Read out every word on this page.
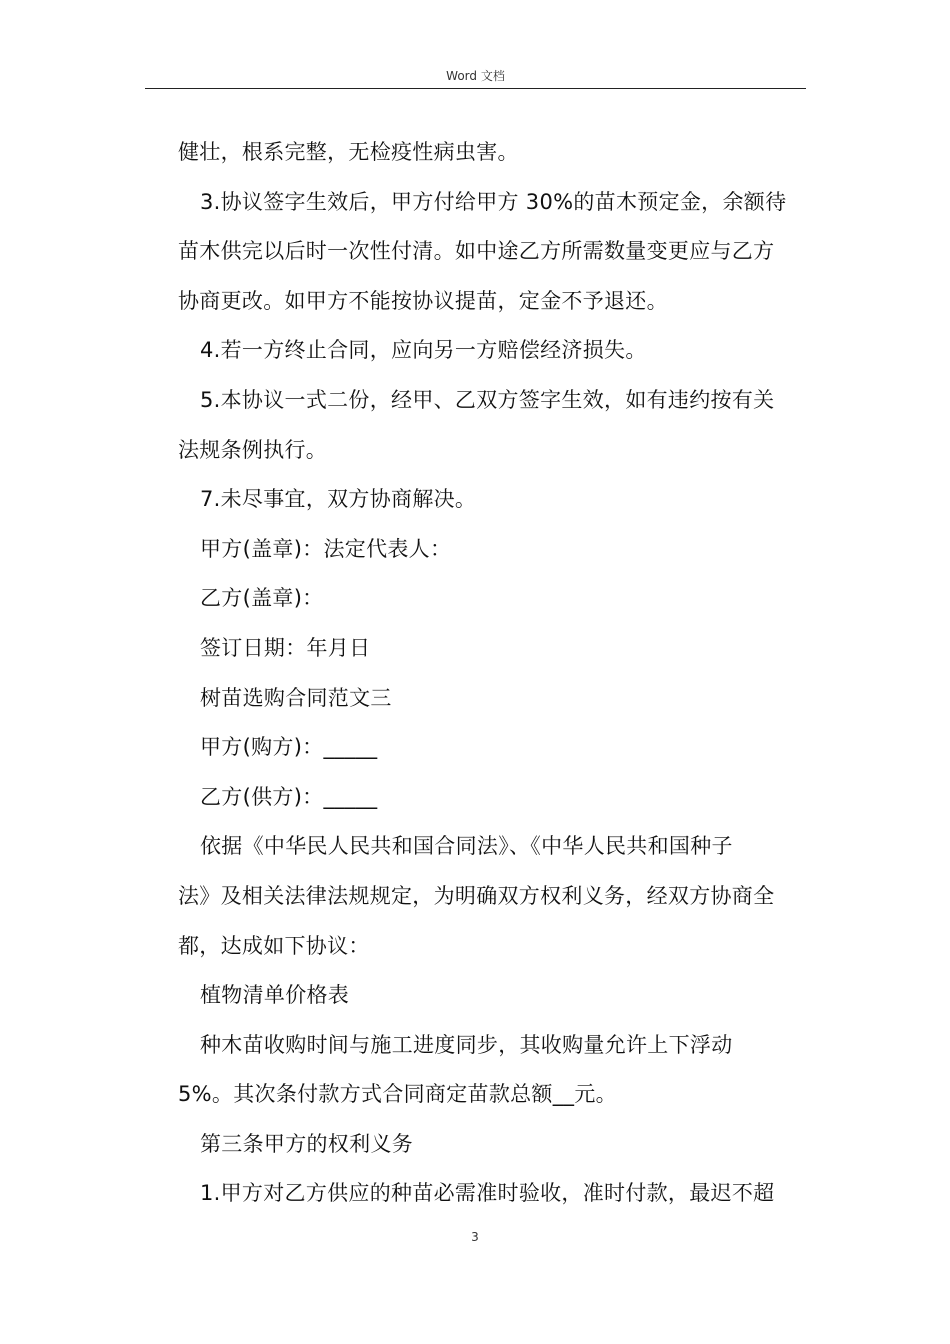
Word 文档

健壮，根系完整，无检疫性病虫害。

3.协议签字生效后，甲方付给甲方 30%的苗木预定金，余额待

苗木供完以后时一次性付清。如中途乙方所需数量变更应与乙方

协商更改。如甲方不能按协议提苗，定金不予退还。

4.若一方终止合同，应向另一方赔偿经济损失。

5.本协议一式二份，经甲、乙双方签字生效，如有违约按有关

法规条例执行。

7.未尽事宜，双方协商解决。

甲方(盖章)：法定代表人：

乙方(盖章)：

签订日期：年月日

树苗选购合同范文三

甲方(购方)：_____

乙方(供方)：_____

依据《中华民人民共和国合同法》、《中华人民共和国种子

法》及相关法律法规规定，为明确双方权利义务，经双方协商全

都，达成如下协议：

植物清单价格表

种木苗收购时间与施工进度同步，其收购量允许上下浮动

5%。其次条付款方式合同商定苗款总额__元。

第三条甲方的权利义务

1.甲方对乙方供应的种苗必需准时验收，准时付款，最迟不超

3
